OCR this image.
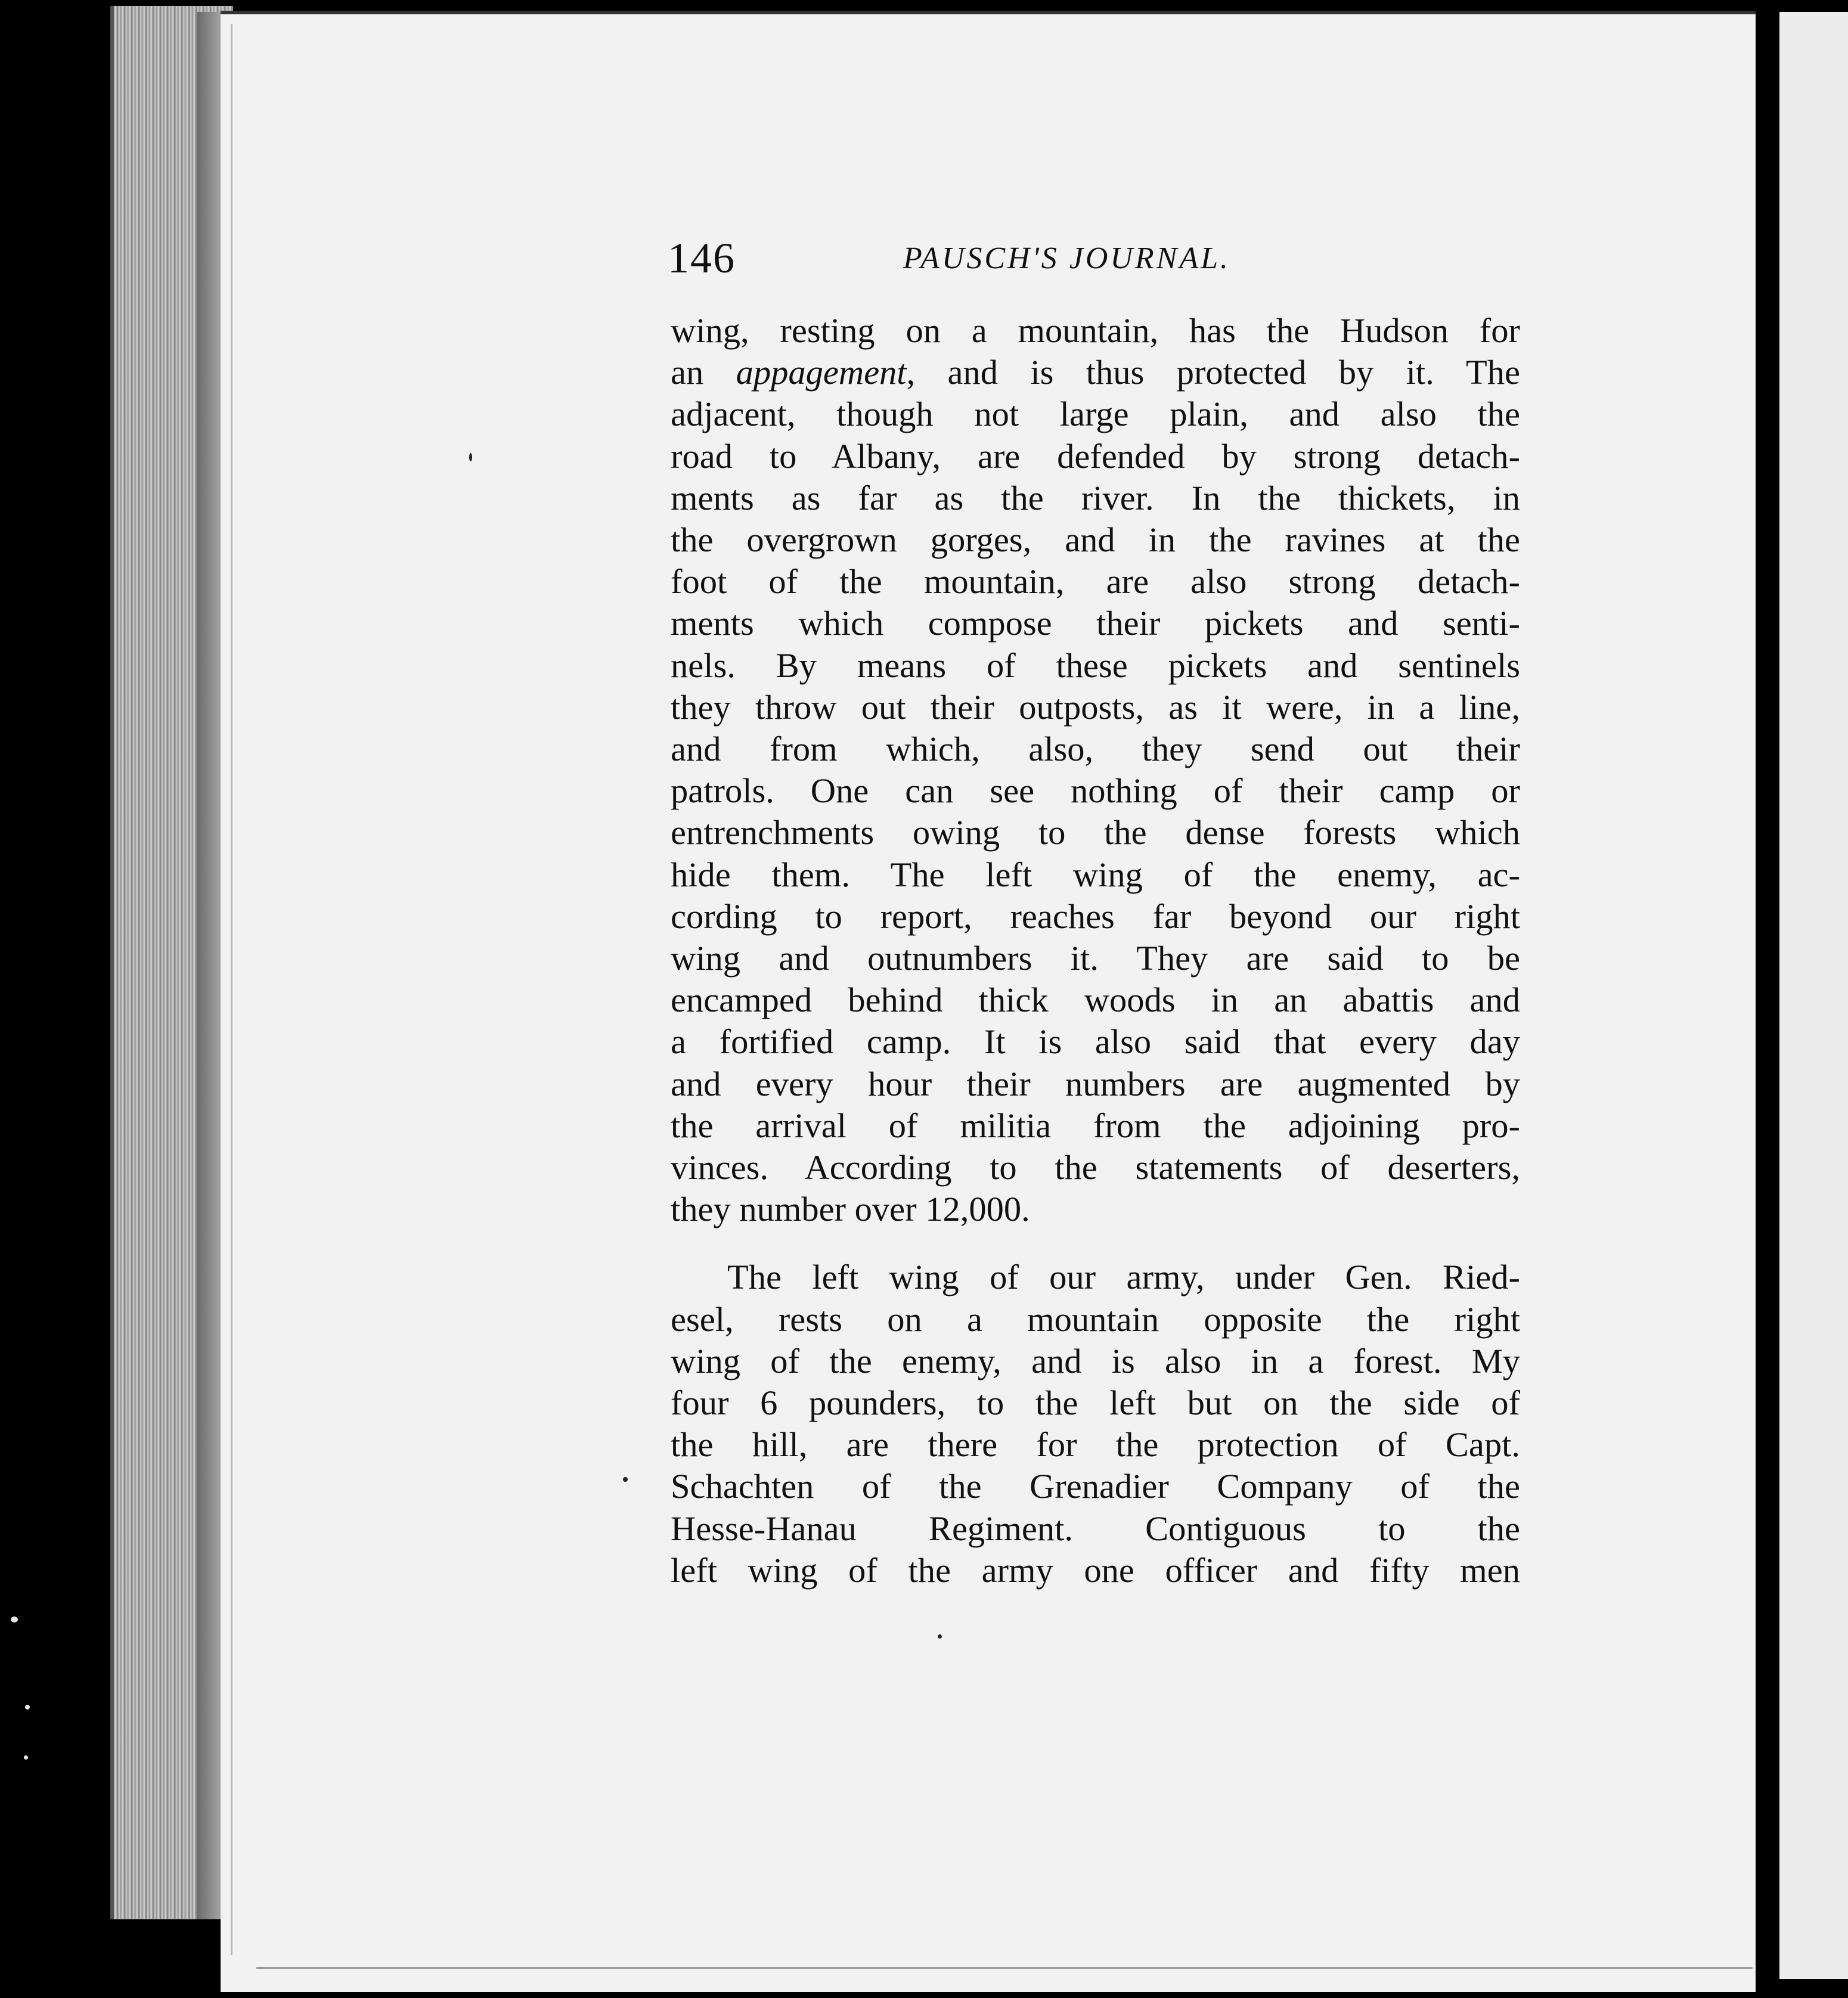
146	PAUSCH'S JOURNAL.

wing, resting on a mountain, has the Hudson for
an appagement, and is thus protected by it. The
adjacent, though not large plain, and also the
road to Albany, are defended by strong detach-
ments as far as the river. In the thickets, in
the overgrown gorges, and in the ravines at the
foot of the mountain, are also strong detach-
ments which compose their pickets and senti-
nels. By means of these pickets and sentinels
they throw out their outposts, as it were, in a line,
and from which, also, they send out their
patrols. One can see nothing of their camp or
entrenchments owing to the dense forests which
hide them. The left wing of the enemy, ac-
cording to report, reaches far beyond our right
wing and outnumbers it. They are said to be
encamped behind thick woods in an abattis and
a fortified camp. It is also said that every day
and every hour their numbers are augmented by
the arrival of militia from the adjoining pro-
vinces. According to the statements of deserters,
they number over 12,000.

The left wing of our army, under Gen. Ried-
esel, rests on a mountain opposite the right
wing of the enemy, and is also in a forest. My
four 6 pounders, to the left but on the side of
the hill, are there for the protection of Capt.
Schachten of the Grenadier Company of the
Hesse-Hanau Regiment. Contiguous to the
left wing of the army one officer and fifty men
